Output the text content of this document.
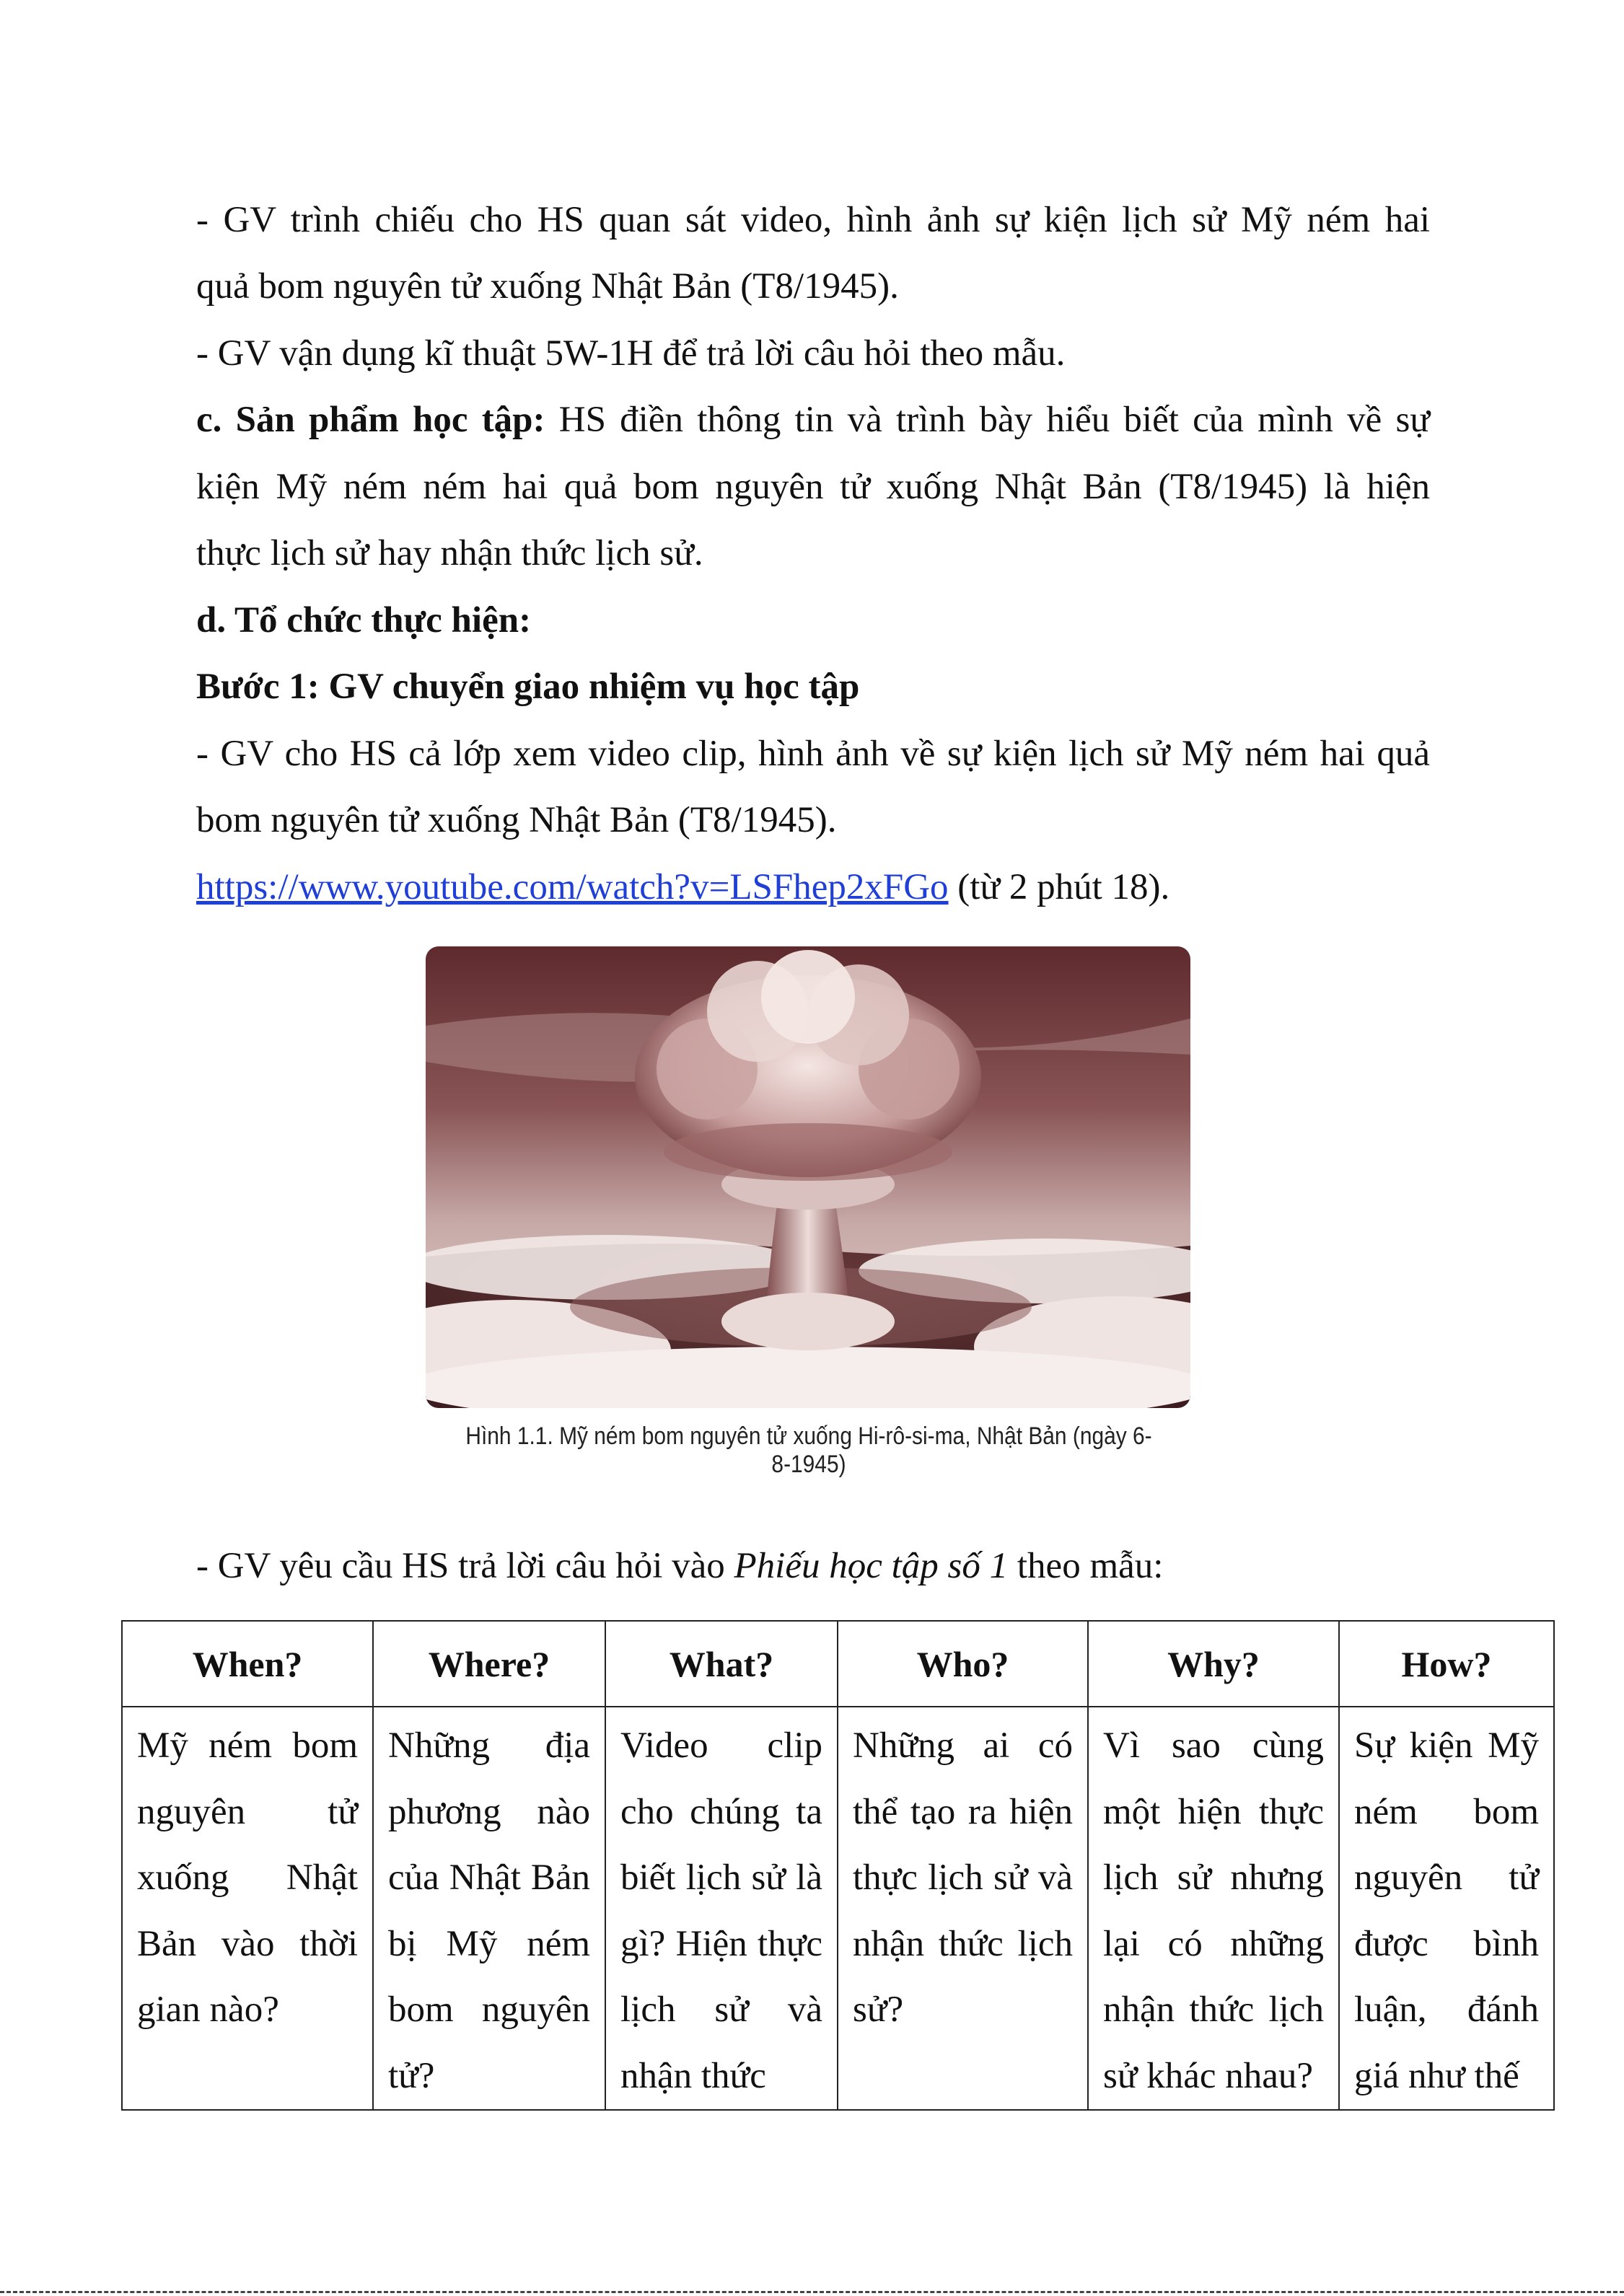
- GV trình chiếu cho HS quan sát video, hình ảnh sự kiện lịch sử Mỹ ném hai
quả bom nguyên tử xuống Nhật Bản (T8/1945).
- GV vận dụng kĩ thuật 5W-1H để trả lời câu hỏi theo mẫu.
c. Sản phẩm học tập: HS điền thông tin và trình bày hiểu biết của mình về sự
kiện Mỹ ném ném hai quả bom nguyên tử xuống Nhật Bản (T8/1945) là hiện
thực lịch sử hay nhận thức lịch sử.
d. Tổ chức thực hiện:
Bước 1: GV chuyển giao nhiệm vụ học tập
- GV cho HS cả lớp xem video clip, hình ảnh về sự kiện lịch sử Mỹ ném hai quả
bom nguyên tử xuống Nhật Bản (T8/1945).
https://www.youtube.com/watch?v=LSFhep2xFGo (từ 2 phút 18).
Hình 1.1. Mỹ ném bom nguyên tử xuống Hi-rô-si-ma, Nhật Bản (ngày 6-8-1945)
- GV yêu cầu HS trả lời câu hỏi vào Phiếu học tập số 1 theo mẫu:
When?	Where?	What?	Who?	Why?	How?
Mỹ ném bom nguyên tử xuống Nhật Bản vào thời gian nào?	Những địa phương nào của Nhật Bản bị Mỹ ném bom nguyên tử?	Video clip cho chúng ta biết lịch sử là gì? Hiện thực lịch sử và nhận thức	Những ai có thể tạo ra hiện thực lịch sử và nhận thức lịch sử?	Vì sao cùng một hiện thực lịch sử nhưng lại có những nhận thức lịch sử khác nhau?	Sự kiện Mỹ ném bom nguyên tử được bình luận, đánh giá như thế
